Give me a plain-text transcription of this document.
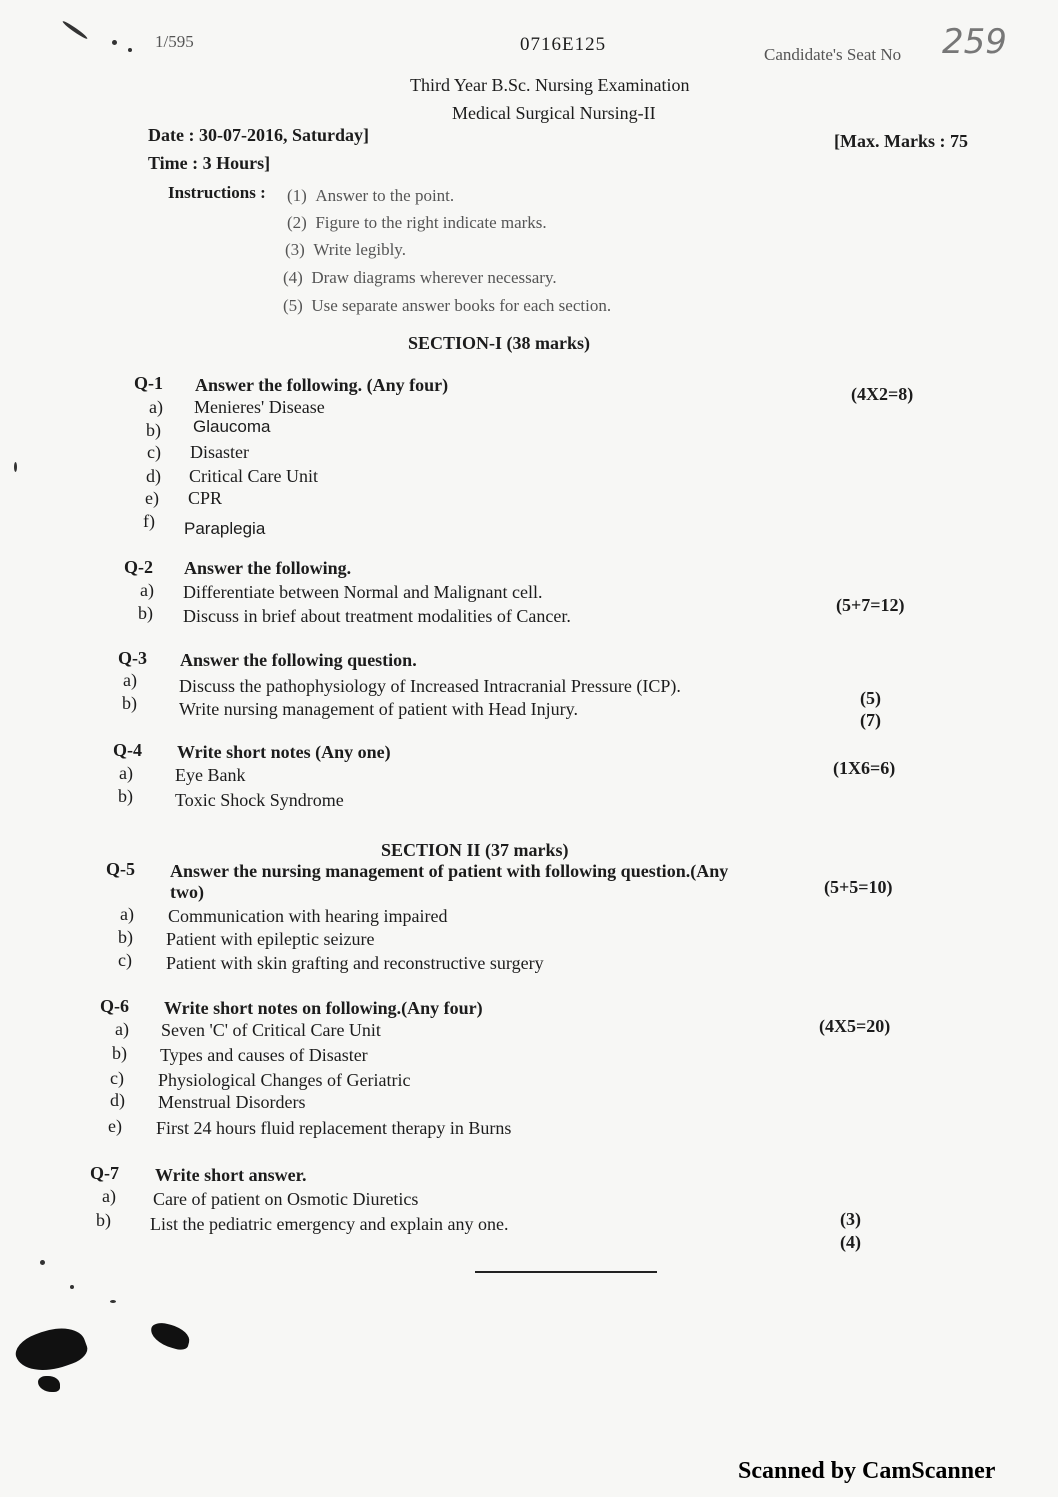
1/595	0716E125	Candidate's Seat No 259
Third Year B.Sc. Nursing Examination
Medical Surgical Nursing-II
Date : 30-07-2016, Saturday]
Time : 3 Hours]
[Max. Marks : 75
Instructions : (1) Answer to the point.
(2) Figure to the right indicate marks.
(3) Write legibly.
(4) Draw diagrams wherever necessary.
(5) Use separate answer books for each section.
SECTION-I (38 marks)
Q-1 Answer the following. (Any four)	(4X2=8)
a) Menieres' Disease
b) Glaucoma
c) Disaster
d) Critical Care Unit
e) CPR
f) Paraplegia
Q-2 Answer the following.
a) Differentiate between Normal and Malignant cell.
b) Discuss in brief about treatment modalities of Cancer.
(5+7=12)
Q-3 Answer the following question.
a) Discuss the pathophysiology of Increased Intracranial Pressure (ICP).
(5)
b) Write nursing management of patient with Head Injury.
(7)
Q-4 Write short notes (Any one)
(1X6=6)
a) Eye Bank
b) Toxic Shock Syndrome
SECTION II (37 marks)
Q-5 Answer the nursing management of patient with following question.(Any
two)	(5+5=10)
a) Communication with hearing impaired
b) Patient with epileptic seizure
c) Patient with skin grafting and reconstructive surgery
Q-6 Write short notes on following.(Any four)
(4X5=20)
a) Seven 'C' of Critical Care Unit
b) Types and causes of Disaster
c) Physiological Changes of Geriatric
d) Menstrual Disorders
e) First 24 hours fluid replacement therapy in Burns
Q-7 Write short answer.
a) Care of patient on Osmotic Diuretics
b) List the pediatric emergency and explain any one.	(3)
(4)
Scanned by CamScanner
